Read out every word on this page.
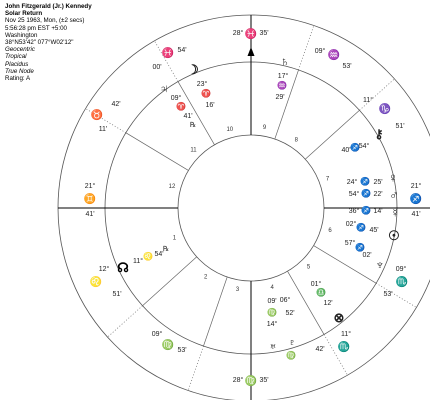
John Fitzgerald (Jr.) Kennedy
Solar Return
Nov 25 1963, Mon, (±2 secs)
5:56:28 pm EST +5:00
Washington
38°N53'42" 077°W02'12"
Geocentric
Tropical
Placidus
True Node
Rating: A
1
2
3	4
5
6
7
8
9
10
11
12
28° ♓ 35'
28° ♍ 35'
21°
♊
41'
21°
♐
41'
09° ♒
53'
11°
♑
51'
54'
♓
00'
42'
♉
11'
12°
♌
51'
09°
♍ 53'
09°
♏
53'
11°
♏
42'
☽
23°
♈
16'
♃
09°
♈
41'
℞
♄
17°
♒
29'
☊ 11°
♌ 54'
℞
♅
06°
09'
♍ 52'
14°
♇
♍
01°
♎
12'
⊗
⚷
40' ♐
54°
♀
24° ♐ 25'
♂
54° ♐ 22'
☿
36° ♐ 14'
☉
02° ♐ 45'
♆
57° ♐
02'
